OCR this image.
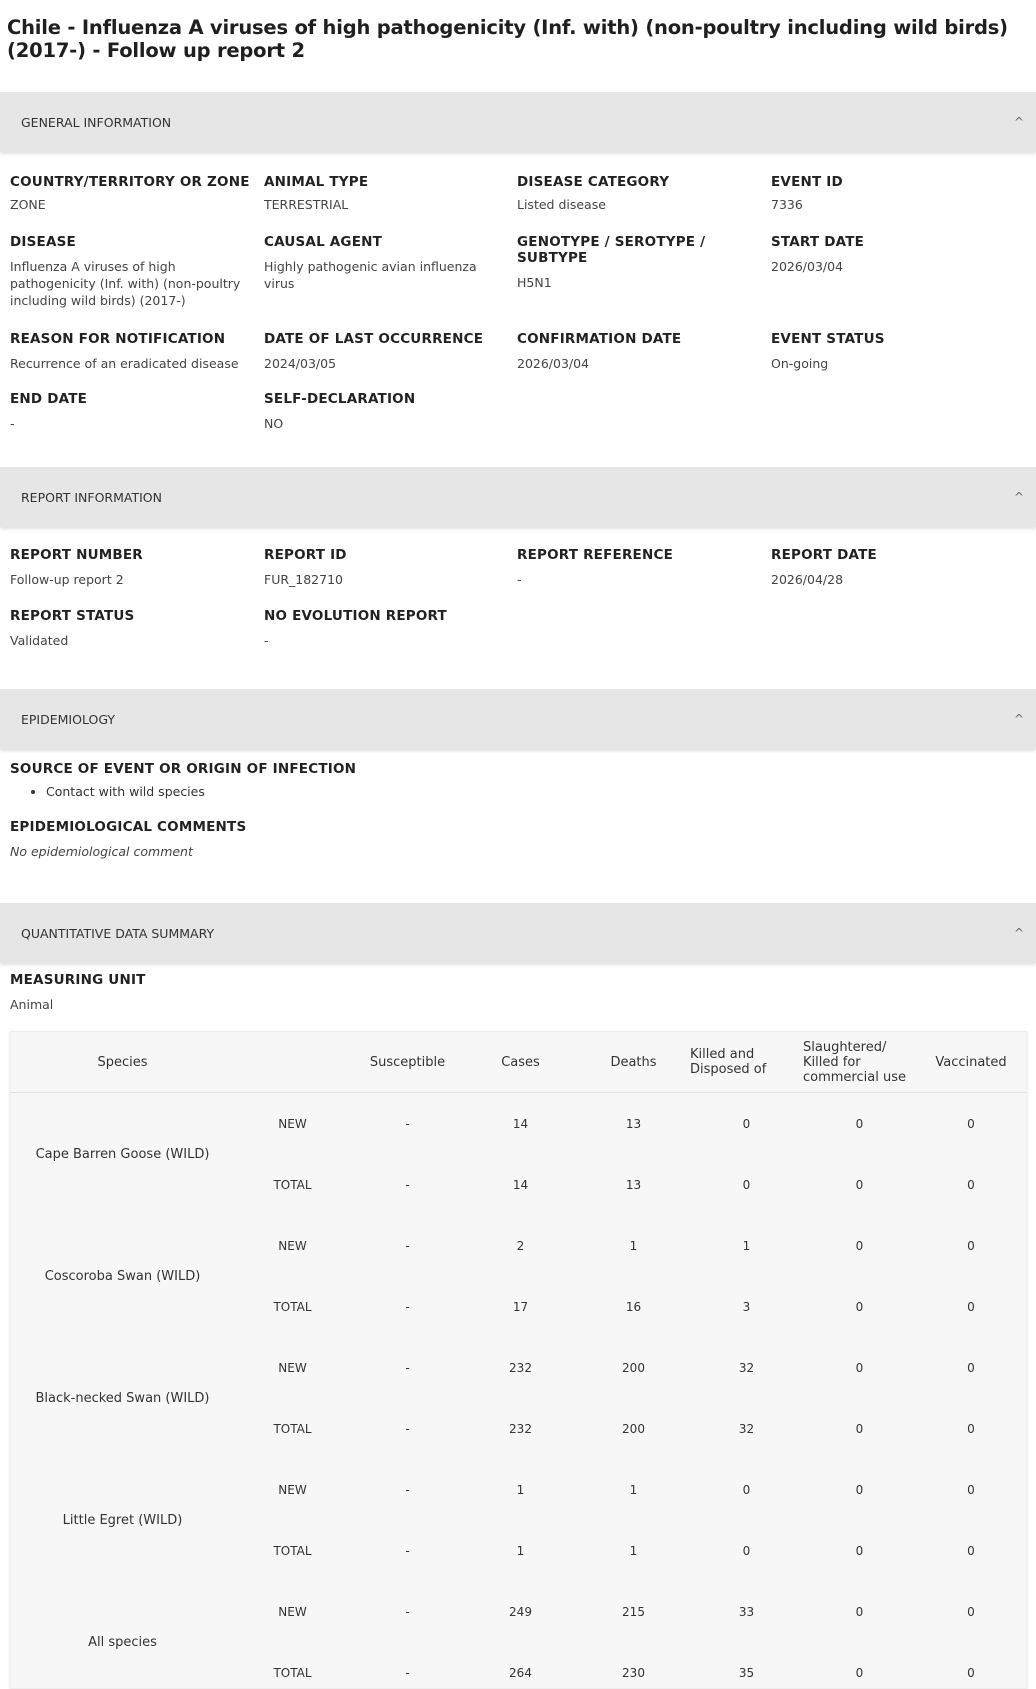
Chile - Influenza A viruses of high pathogenicity (Inf. with) (non-poultry including wild birds) (2017-) - Follow up report 2
GENERAL INFORMATION	^
COUNTRY/TERRITORY OR ZONE
ZONE
ANIMAL TYPE
TERRESTRIAL
DISEASE CATEGORY
Listed disease
EVENT ID
7336
DISEASE
Influenza A viruses of high pathogenicity (Inf. with) (non-poultry including wild birds) (2017-)
CAUSAL AGENT
Highly pathogenic avian influenza virus
GENOTYPE / SEROTYPE / SUBTYPE
H5N1
START DATE
2026/03/04
REASON FOR NOTIFICATION
Recurrence of an eradicated disease
DATE OF LAST OCCURRENCE
2024/03/05
CONFIRMATION DATE
2026/03/04
EVENT STATUS
On-going
END DATE
-
SELF-DECLARATION
NO
REPORT INFORMATION	^
REPORT NUMBER
Follow-up report 2
REPORT ID
FUR_182710
REPORT REFERENCE
-
REPORT DATE
2026/04/28
REPORT STATUS
Validated
NO EVOLUTION REPORT
-
EPIDEMIOLOGY	^
SOURCE OF EVENT OR ORIGIN OF INFECTION
• Contact with wild species
EPIDEMIOLOGICAL COMMENTS
No epidemiological comment
QUANTITATIVE DATA SUMMARY	^
MEASURING UNIT
Animal
Species		Susceptible	Cases	Deaths	Killed and Disposed of	Slaughtered/ Killed for commercial use	Vaccinated
Cape Barren Goose (WILD)	NEW	-	14	13	0	0	0
	TOTAL	-	14	13	0	0	0
Coscoroba Swan (WILD)	NEW	-	2	1	1	0	0
	TOTAL	-	17	16	3	0	0
Black-necked Swan (WILD)	NEW	-	232	200	32	0	0
	TOTAL	-	232	200	32	0	0
Little Egret (WILD)	NEW	-	1	1	0	0	0
	TOTAL	-	1	1	0	0	0
All species	NEW	-	249	215	33	0	0
	TOTAL	-	264	230	35	0	0
